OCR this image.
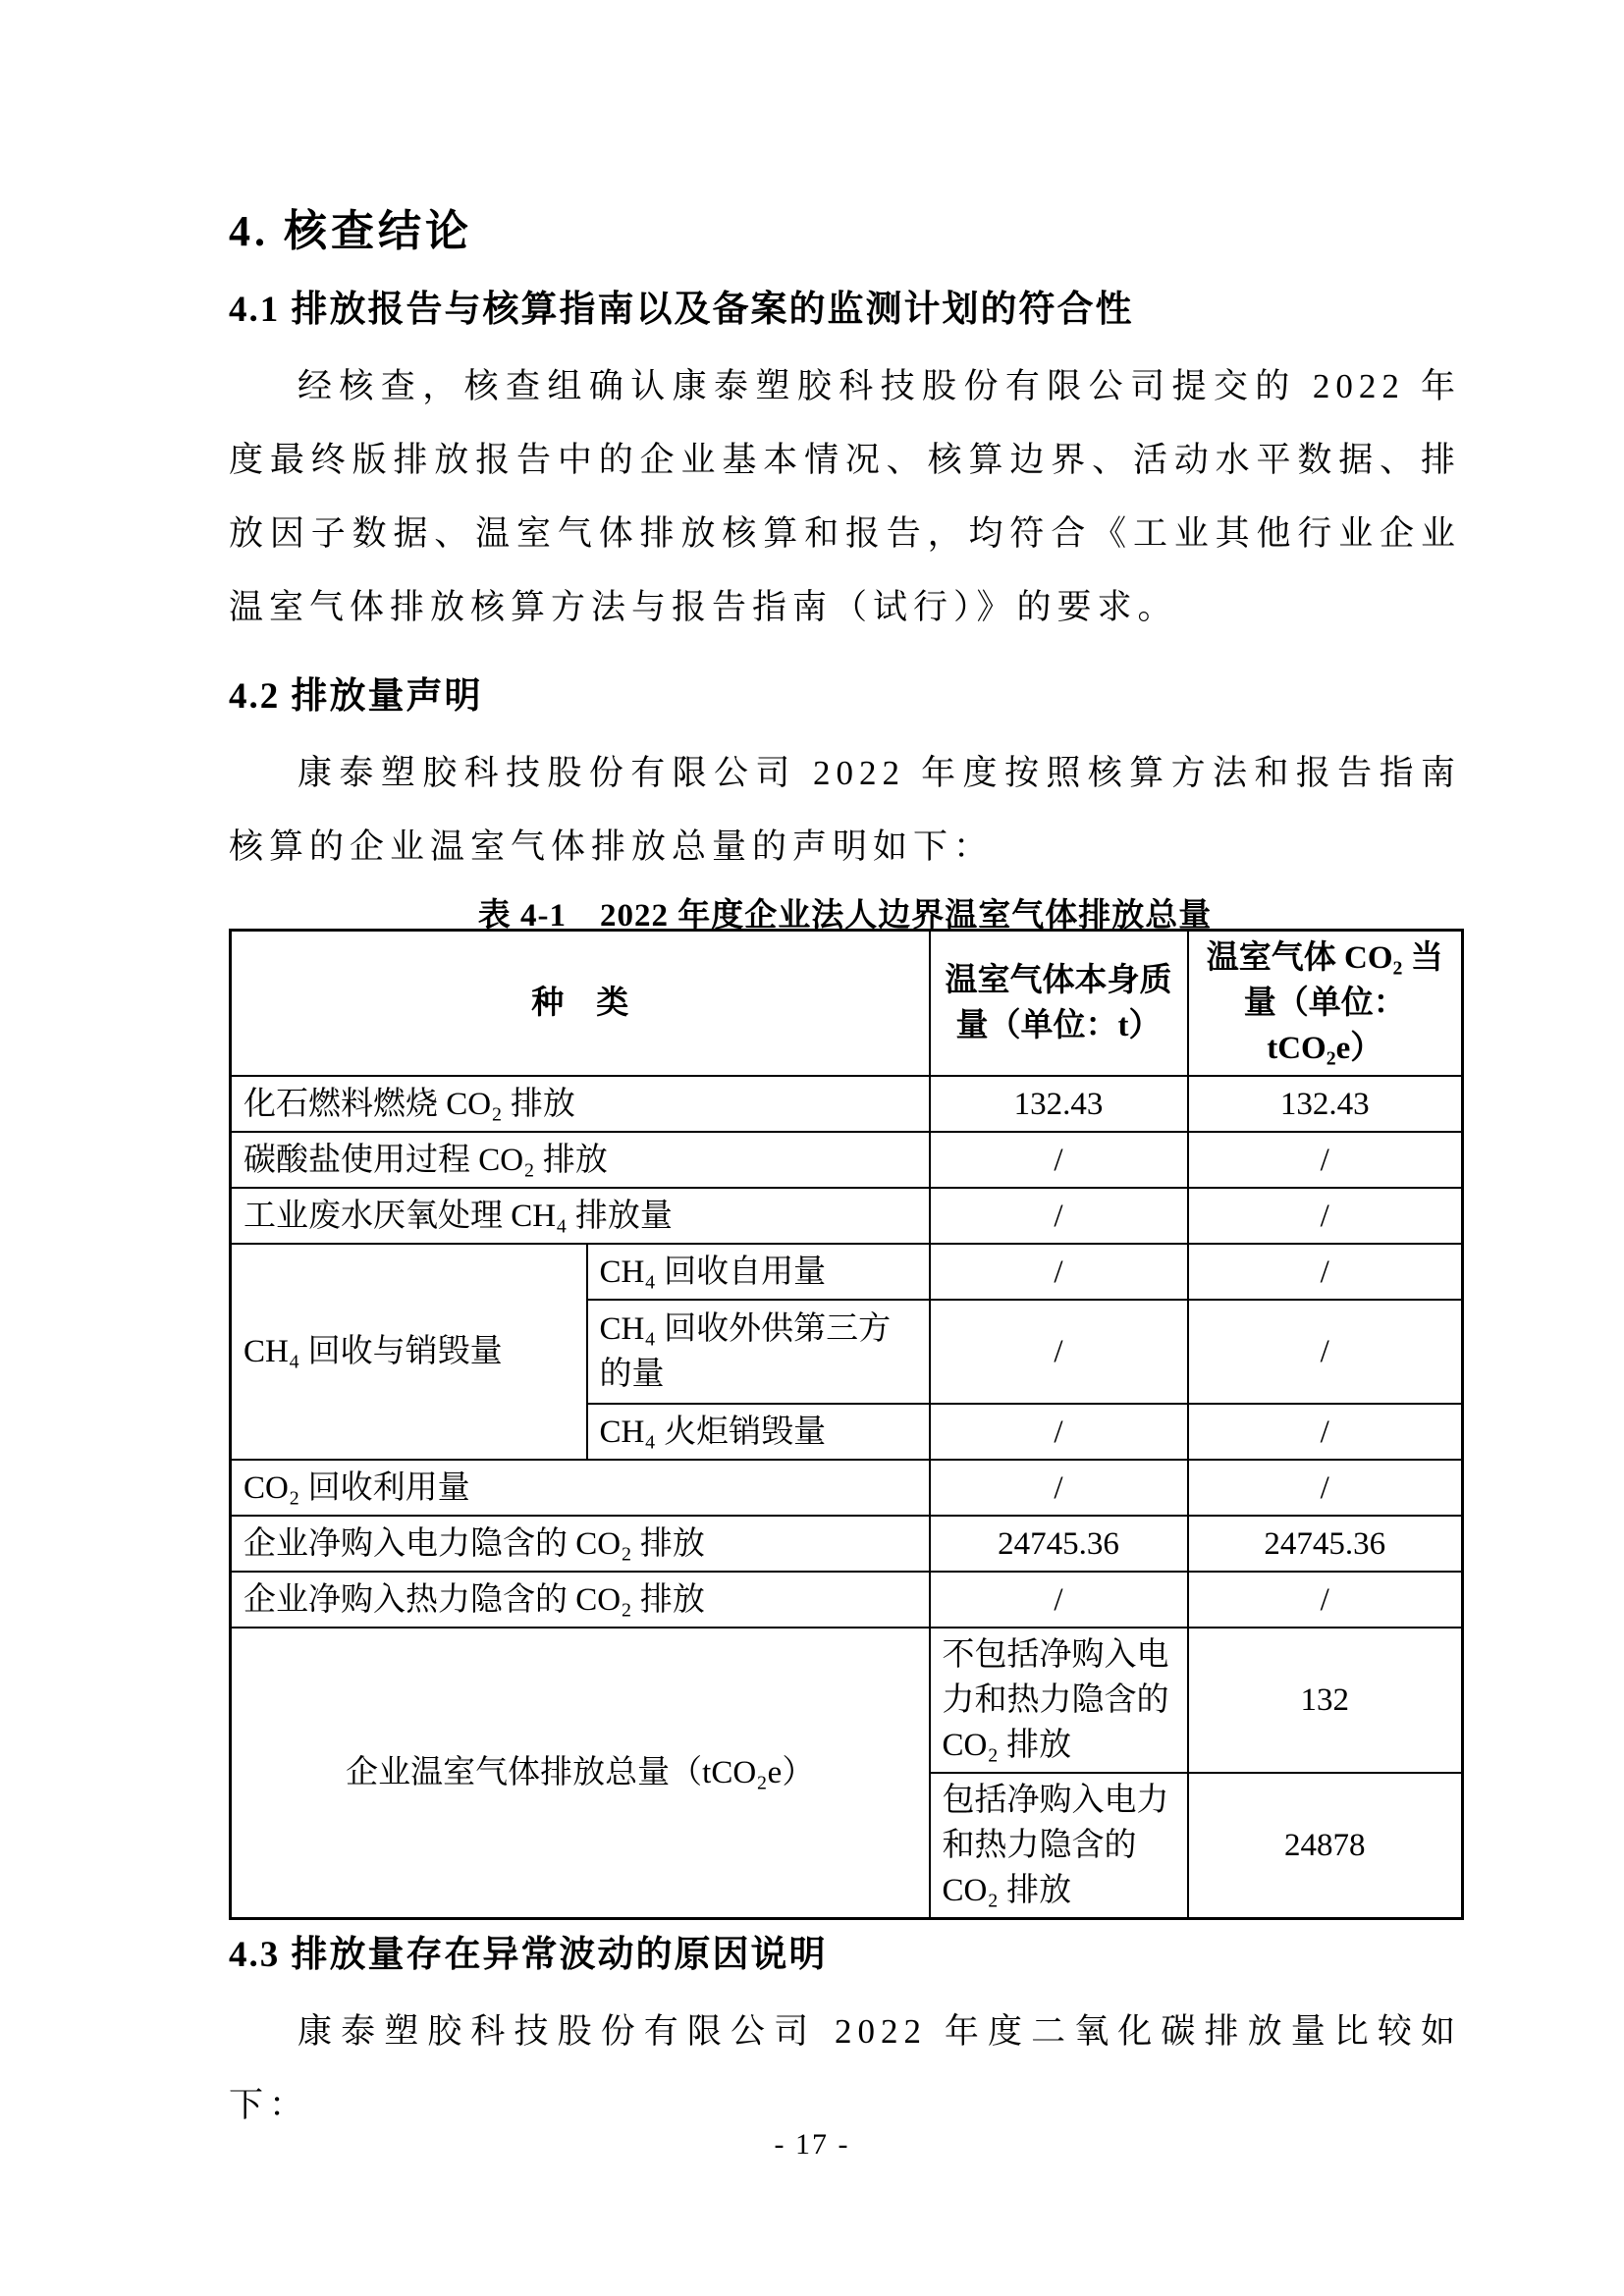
4. 核查结论
4.1 排放报告与核算指南以及备案的监测计划的符合性

经核查，核查组确认康泰塑胶科技股份有限公司提交的 2022 年度最终版排放报告中的企业基本情况、核算边界、活动水平数据、排放因子数据、温室气体排放核算和报告，均符合《工业其他行业企业温室气体排放核算方法与报告指南（试行）》的要求。

4.2 排放量声明

康泰塑胶科技股份有限公司 2022 年度按照核算方法和报告指南核算的企业温室气体排放总量的声明如下：

表 4-1　2022 年度企业法人边界温室气体排放总量
种　类		温室气体本身质量（单位：t）	温室气体 CO₂ 当量（单位：tCO₂e）
化石燃料燃烧 CO₂ 排放		132.43	132.43
碳酸盐使用过程 CO₂ 排放		/	/
工业废水厌氧处理 CH₄ 排放量		/	/
CH₄ 回收与销毁量	CH₄ 回收自用量	/	/
	CH₄ 回收外供第三方的量	/	/
	CH₄ 火炬销毁量	/	/
CO₂ 回收利用量		/	/
企业净购入电力隐含的 CO₂ 排放		24745.36	24745.36
企业净购入热力隐含的 CO₂ 排放		/	/
企业温室气体排放总量（tCO₂e）		不包括净购入电力和热力隐含的 CO₂ 排放	132
		包括净购入电力和热力隐含的 CO₂ 排放	24878
4.3 排放量存在异常波动的原因说明

康泰塑胶科技股份有限公司 2022 年度二氧化碳排放量比较如下：

- 17 -
